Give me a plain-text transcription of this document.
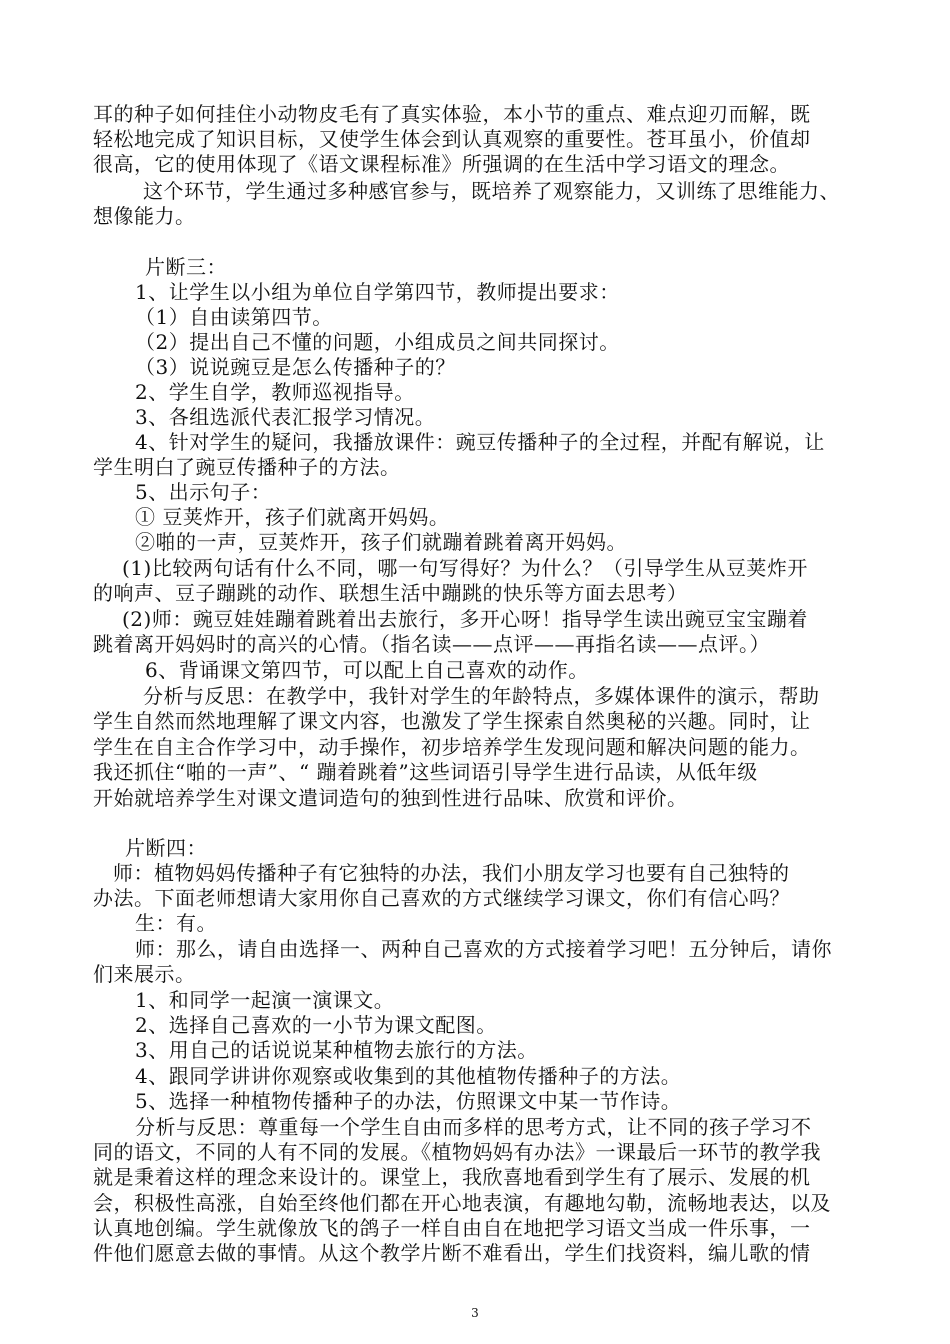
耳的种子如何挂住小动物皮毛有了真实体验，本小节的重点、难点迎刃而解，既
轻松地完成了知识目标，又使学生体会到认真观察的重要性。苍耳虽小，价值却
很高，它的使用体现了《语文课程标准》所强调的在生活中学习语文的理念。
这个环节，学生通过多种感官参与，既培养了观察能力，又训练了思维能力、
想像能力。
片断三：
1、让学生以小组为单位自学第四节，教师提出要求：
（1）自由读第四节。
（2）提出自己不懂的问题，小组成员之间共同探讨。
（3）说说豌豆是怎么传播种子的？
2、学生自学，教师巡视指导。
3、各组选派代表汇报学习情况。
4、针对学生的疑问，我播放课件：豌豆传播种子的全过程，并配有解说，让
学生明白了豌豆传播种子的方法。
5、出示句子：
① 豆荚炸开，孩子们就离开妈妈。
②啪的一声，豆荚炸开，孩子们就蹦着跳着离开妈妈。
(1)比较两句话有什么不同，哪一句写得好？为什么？（引导学生从豆荚炸开
的响声、豆子蹦跳的动作、联想生活中蹦跳的快乐等方面去思考）
(2)师：豌豆娃娃蹦着跳着出去旅行，多开心呀！指导学生读出豌豆宝宝蹦着
跳着离开妈妈时的高兴的心情。（指名读——点评——再指名读——点评。）
6、背诵课文第四节，可以配上自己喜欢的动作。
分析与反思：在教学中，我针对学生的年龄特点，多媒体课件的演示，帮助
学生自然而然地理解了课文内容，也激发了学生探索自然奥秘的兴趣。同时，让
学生在自主合作学习中，动手操作，初步培养学生发现问题和解决问题的能力。
我还抓住“啪的一声”、“ 蹦着跳着”这些词语引导学生进行品读，从低年级
开始就培养学生对课文遣词造句的独到性进行品味、欣赏和评价。
片断四：
师：植物妈妈传播种子有它独特的办法，我们小朋友学习也要有自己独特的
办法。下面老师想请大家用你自己喜欢的方式继续学习课文，你们有信心吗？
生：有。
师：那么，请自由选择一、两种自己喜欢的方式接着学习吧！五分钟后，请你
们来展示。
1、和同学一起演一演课文。
2、选择自己喜欢的一小节为课文配图。
3、用自己的话说说某种植物去旅行的方法。
4、跟同学讲讲你观察或收集到的其他植物传播种子的方法。
5、选择一种植物传播种子的办法，仿照课文中某一节作诗。
分析与反思：尊重每一个学生自由而多样的思考方式，让不同的孩子学习不
同的语文，不同的人有不同的发展。《植物妈妈有办法》一课最后一环节的教学我
就是秉着这样的理念来设计的。课堂上，我欣喜地看到学生有了展示、发展的机
会，积极性高涨，自始至终他们都在开心地表演，有趣地勾勒，流畅地表达，以及
认真地创编。学生就像放飞的鸽子一样自由自在地把学习语文当成一件乐事，一
件他们愿意去做的事情。从这个教学片断不难看出，学生们找资料，编儿歌的情
3
